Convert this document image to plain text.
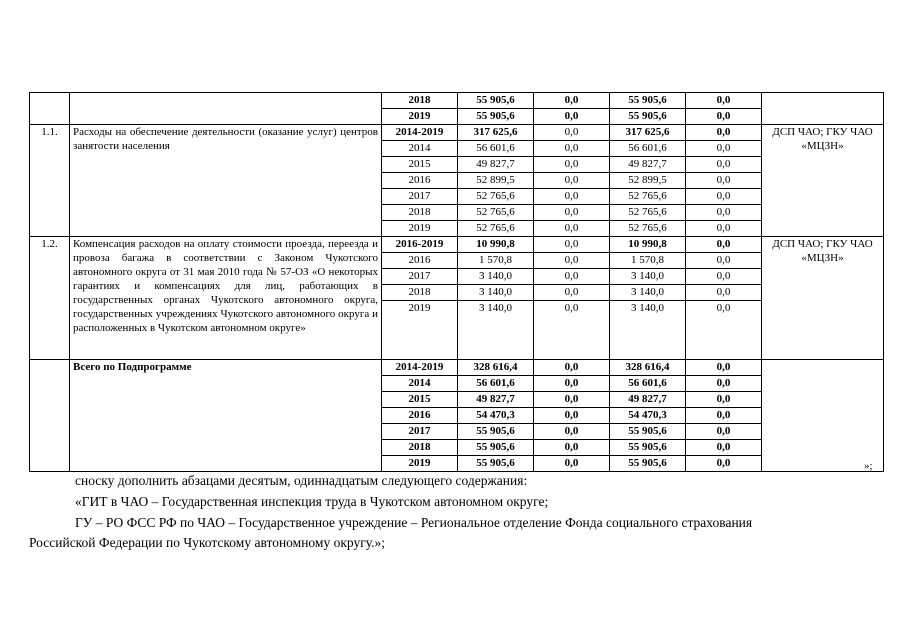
		2018	55 905,6	0,0	55 905,6	0,0	
		2019	55 905,6	0,0	55 905,6	0,0	
1.1.	Расходы на обеспечение деятельности (оказание услуг) центров занятости населения	2014-2019	317 625,6	0,0	317 625,6	0,0	ДСП ЧАО; ГКУ ЧАО «МЦЗН»
		2014	56 601,6	0,0	56 601,6	0,0	
		2015	49 827,7	0,0	49 827,7	0,0	
		2016	52 899,5	0,0	52 899,5	0,0	
		2017	52 765,6	0,0	52 765,6	0,0	
		2018	52 765,6	0,0	52 765,6	0,0	
		2019	52 765,6	0,0	52 765,6	0,0	
1.2.	Компенсация расходов на оплату стоимости проезда, переезда и провоза багажа в соответствии с Законом Чукотского автономного округа от 31 мая 2010 года № 57-ОЗ «О некоторых гарантиях и компенсациях для лиц, работающих в государственных органах Чукотского автономного округа, государственных учреждениях Чукотского автономного округа и расположенных в Чукотском автономном округе»	2016-2019	10 990,8	0,0	10 990,8	0,0	ДСП ЧАО; ГКУ ЧАО «МЦЗН»
		2016	1 570,8	0,0	1 570,8	0,0	
		2017	3 140,0	0,0	3 140,0	0,0	
		2018	3 140,0	0,0	3 140,0	0,0	
		2019	3 140,0	0,0	3 140,0	0,0	
	Всего по Подпрограмме	2014-2019	328 616,4	0,0	328 616,4	0,0	
		2014	56 601,6	0,0	56 601,6	0,0	
		2015	49 827,7	0,0	49 827,7	0,0	
		2016	54 470,3	0,0	54 470,3	0,0	
		2017	55 905,6	0,0	55 905,6	0,0	
		2018	55 905,6	0,0	55 905,6	0,0	
		2019	55 905,6	0,0	55 905,6	0,0		»;
сноску дополнить абзацами десятым, одиннадцатым следующего содержания:
«ГИТ в ЧАО – Государственная инспекция труда в Чукотском автономном округе;
ГУ – РО ФСС РФ по ЧАО – Государственное учреждение – Региональное отделение Фонда социального страхования
Российской Федерации по Чукотскому автономному округу.»;
